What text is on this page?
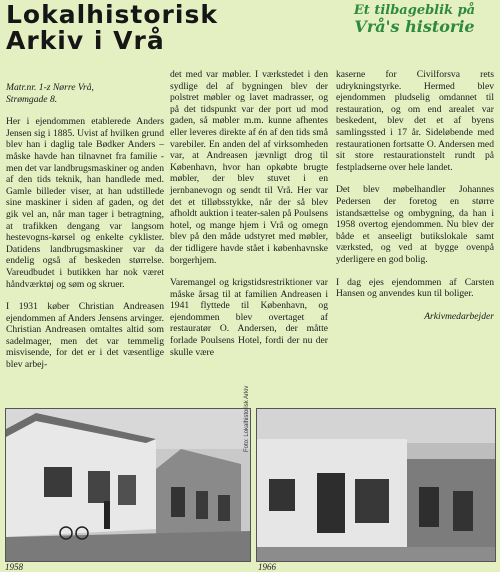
Lokalhistorisk
Arkiv i Vrå
Et tilbageblik på
Vrå's historie

Matr.nr. 1-z Nørre Vrå,
Strømgade 8.

Her i ejendommen etablerede Anders Jensen sig i 1885. Uvist af hvilken grund blev han i daglig tale Bødker Anders – måske havde han tilnavnet fra familie - men det var landbrugsmaskiner og anden af den tids teknik, han handlede med. Gamle billeder viser, at han udstillede sine maskiner i siden af gaden, og det gik vel an, når man tager i betragtning, at trafikken dengang var langsom hestevogns-kørsel og enkelte cyklister. Datidens landbrugsmaskiner var da endelig også af beskeden størrelse. Vareudbudet i butikken har nok været håndværktøj og søm og skruer.

I 1931 køber Christian Andreasen ejendommen af Anders Jensens arvinger. Christian Andreasen omtaltes altid som sadelmager, men det var temmelig misvisende, for det er i det væsentlige blev arbej-

det med var møbler. I værkstedet i den sydlige del af bygningen blev der polstret møbler og lavet madrasser, og på det tidspunkt var der port ud mod gaden, så møbler m.m. kunne afhentes eller leveres direkte af én af den tids små varebiler. En anden del af virksomheden var, at Andreasen jævnligt drog til København, hvor han opkøbte brugte møbler, der blev stuvet i en jernbanevogn og sendt til Vrå. Her var det et tilløbsstykke, når der så blev afholdt auktion i teater-salen på Poulsens hotel, og mange hjem i Vrå og omegn blev på den måde udstyret med møbler, der tidligere havde stået i københavnske borgerhjem.

Varemangel og krigstidsrestriktioner var måske årsag til at familien Andreasen i 1941 flyttede til København, og ejendommen blev overtaget af restauratør O. Andersen, der måtte forlade Poulsens Hotel, fordi der nu der skulle være

kaserne for Civilforsva rets udrykningstyrke. Hermed blev ejendommen pludselig omdannet til restauration, og om end arealet var beskedent, blev det et af byens samlingssted i 17 år. Sideløbende med restaurationen fortsatte O. Andersen med sit store restaurationstelt rundt på festpladserne over hele landet.

Det blev møbelhandler Johannes Pedersen der foretog en større istandsættelse og ombygning, da han i 1958 overtog ejendommen. Nu blev der både et anseeligt butikslokale samt værksted, og ved at bygge ovenpå yderligere en god bolig.

I dag ejes ejendommen af Carsten Hansen og anvendes kun til boliger.

Arkivmedarbejder

1958
Foto: Lokalhistorisk Arkiv
1966
